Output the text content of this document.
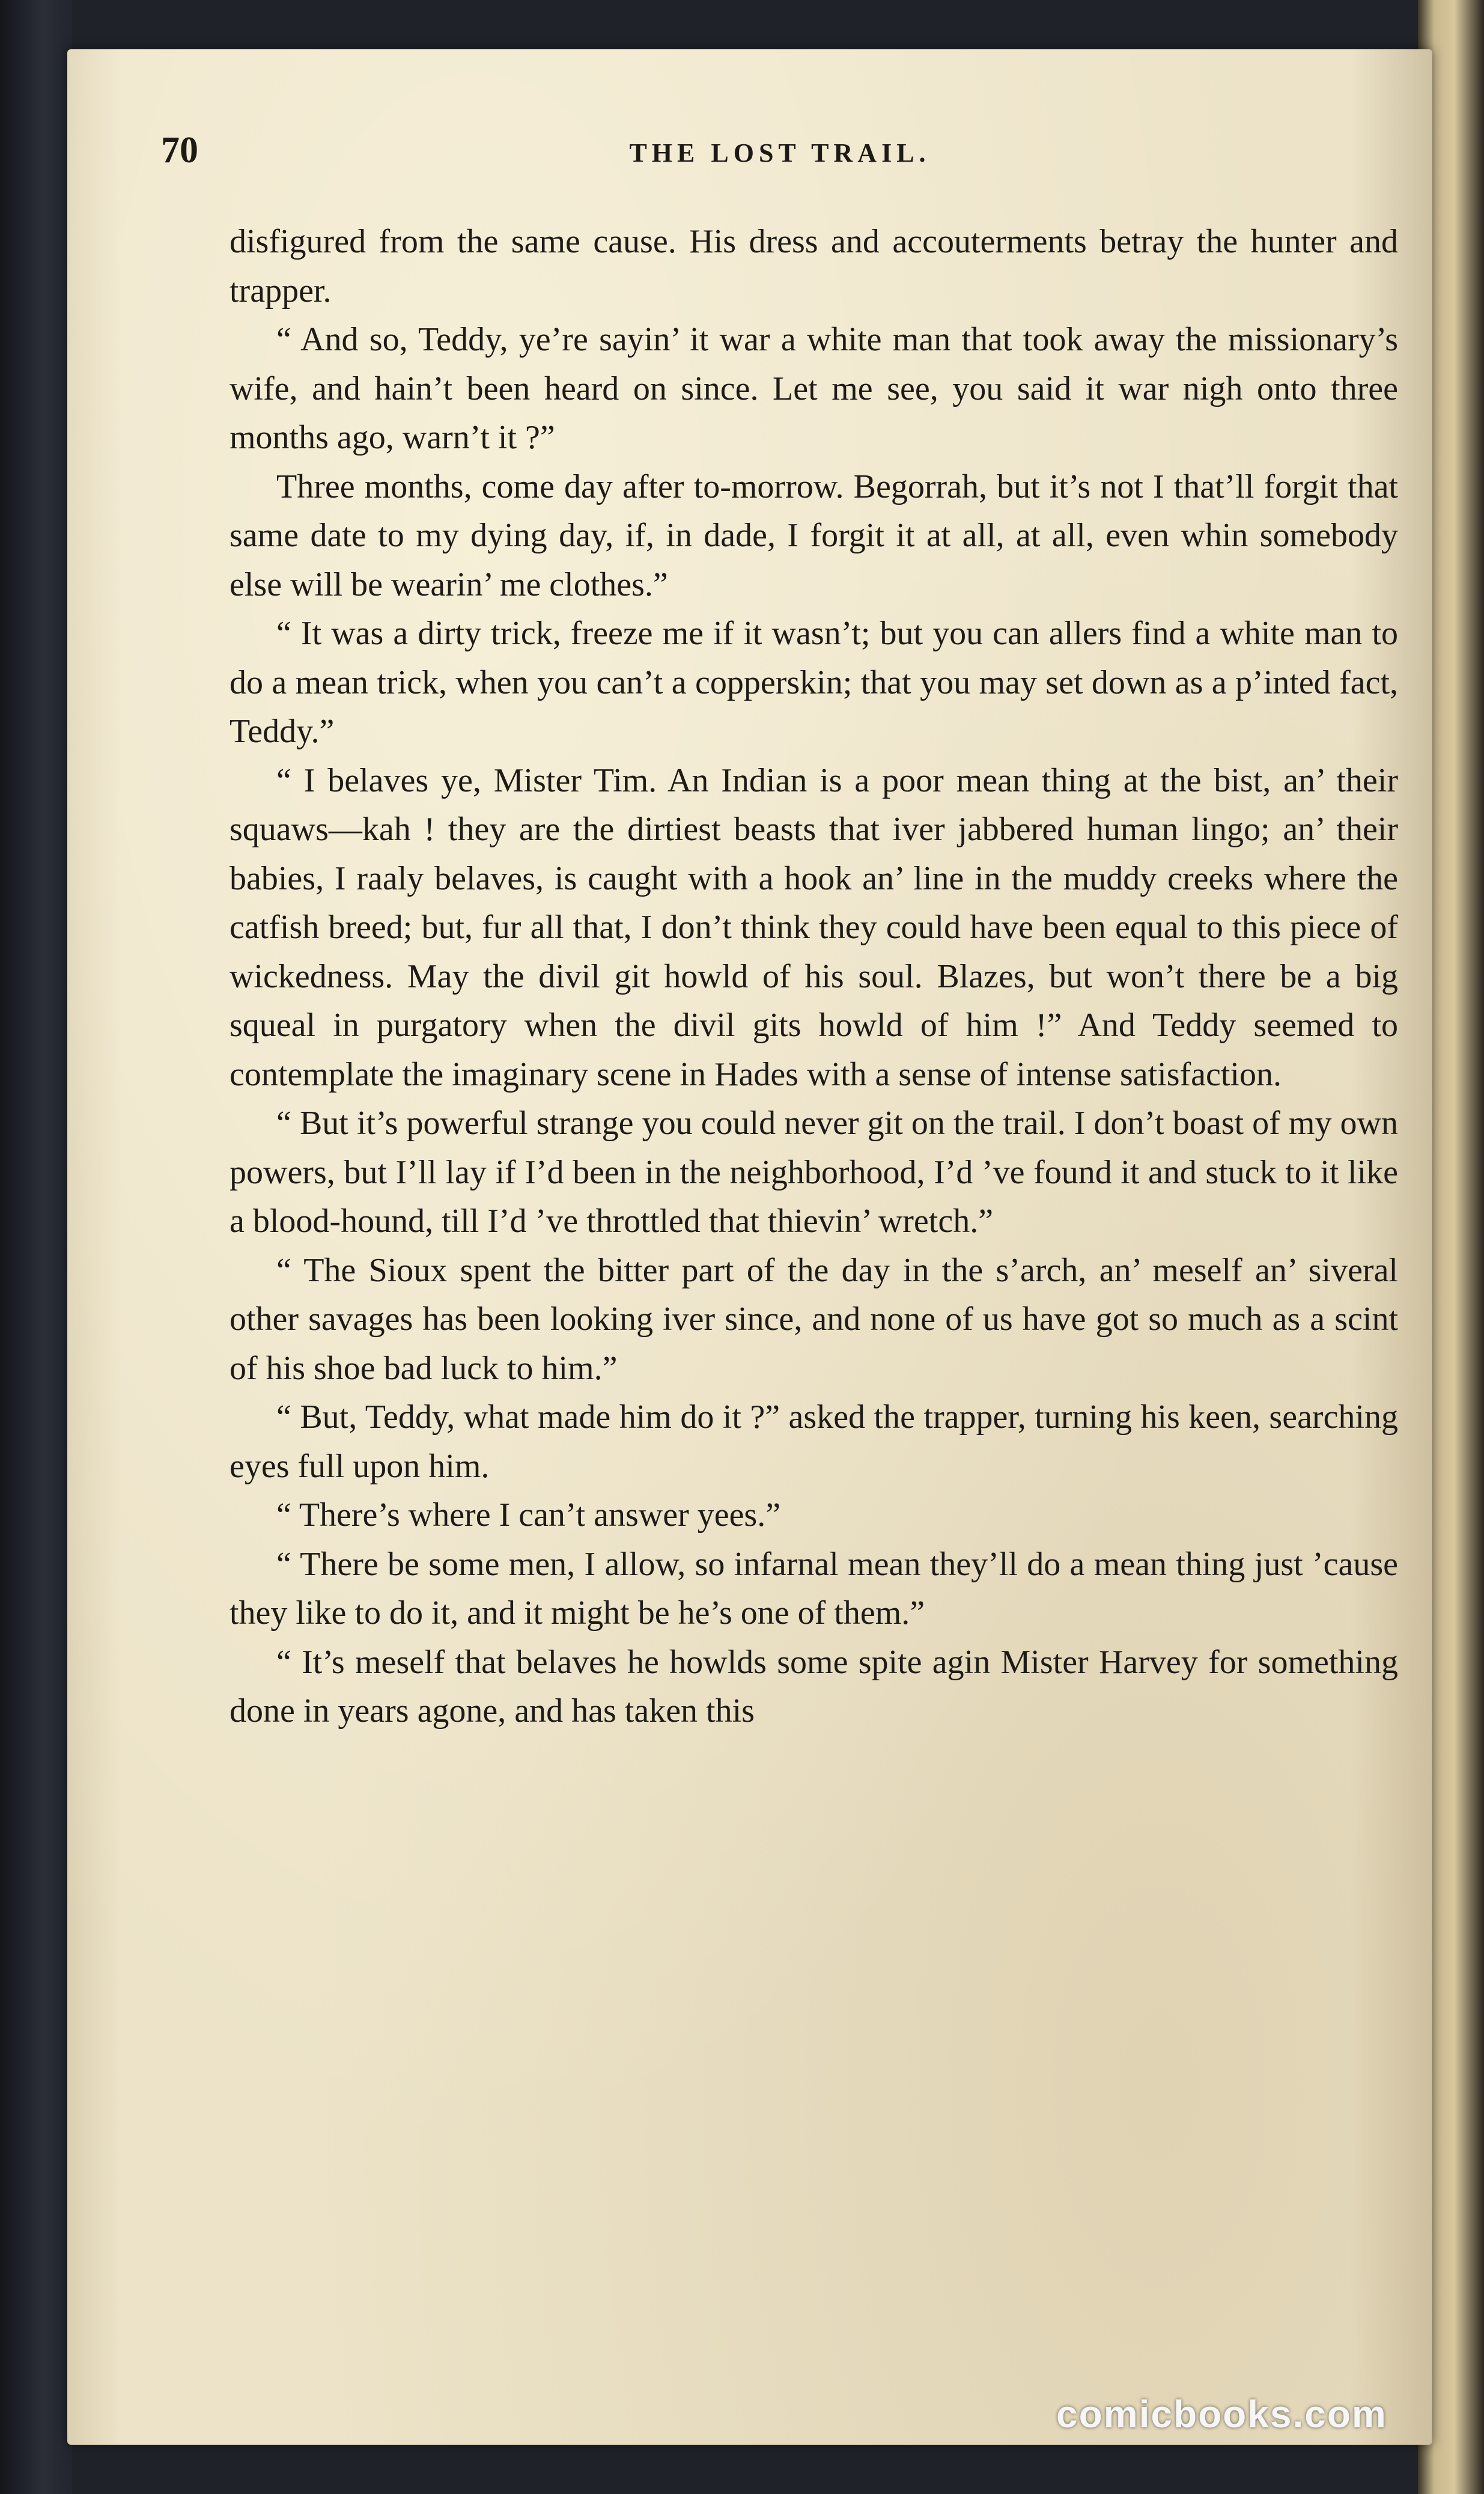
70	THE LOST TRAIL.

disfigured from the same cause. His dress and accouterments betray the hunter and trapper.

“ And so, Teddy, ye’re sayin’ it war a white man that took away the missionary’s wife, and hain’t been heard on since. Let me see, you said it war nigh onto three months ago, warn’t it ?”

Three months, come day after to-morrow. Begorrah, but it’s not I that’ll forgit that same date to my dying day, if, in dade, I forgit it at all, at all, even whin somebody else will be wearin’ me clothes.”

“ It was a dirty trick, freeze me if it wasn’t; but you can allers find a white man to do a mean trick, when you can’t a copperskin; that you may set down as a p’inted fact, Teddy.”

“ I belaves ye, Mister Tim. An Indian is a poor mean thing at the bist, an’ their squaws—kah ! they are the dirtiest beasts that iver jabbered human lingo; an’ their babies, I raaly belaves, is caught with a hook an’ line in the muddy creeks where the catfish breed; but, fur all that, I don’t think they could have been equal to this piece of wickedness. May the divil git howld of his soul. Blazes, but won’t there be a big squeal in purgatory when the divil gits howld of him !” And Teddy seemed to contemplate the imaginary scene in Hades with a sense of intense satisfaction.

“ But it’s powerful strange you could never git on the trail. I don’t boast of my own powers, but I’ll lay if I’d been in the neighborhood, I’d ’ve found it and stuck to it like a blood-hound, till I’d ’ve throttled that thievin’ wretch.”

“ The Sioux spent the bitter part of the day in the s’arch, an’ meself an’ siveral other savages has been looking iver since, and none of us have got so much as a scint of his shoe bad luck to him.”

“ But, Teddy, what made him do it ?” asked the trapper, turning his keen, searching eyes full upon him.

“ There’s where I can’t answer yees.”

“ There be some men, I allow, so infarnal mean they’ll do a mean thing just ’cause they like to do it, and it might be he’s one of them.”

“ It’s meself that belaves he howlds some spite agin Mister Harvey for something done in years agone, and has taken this

comicbooks.com
